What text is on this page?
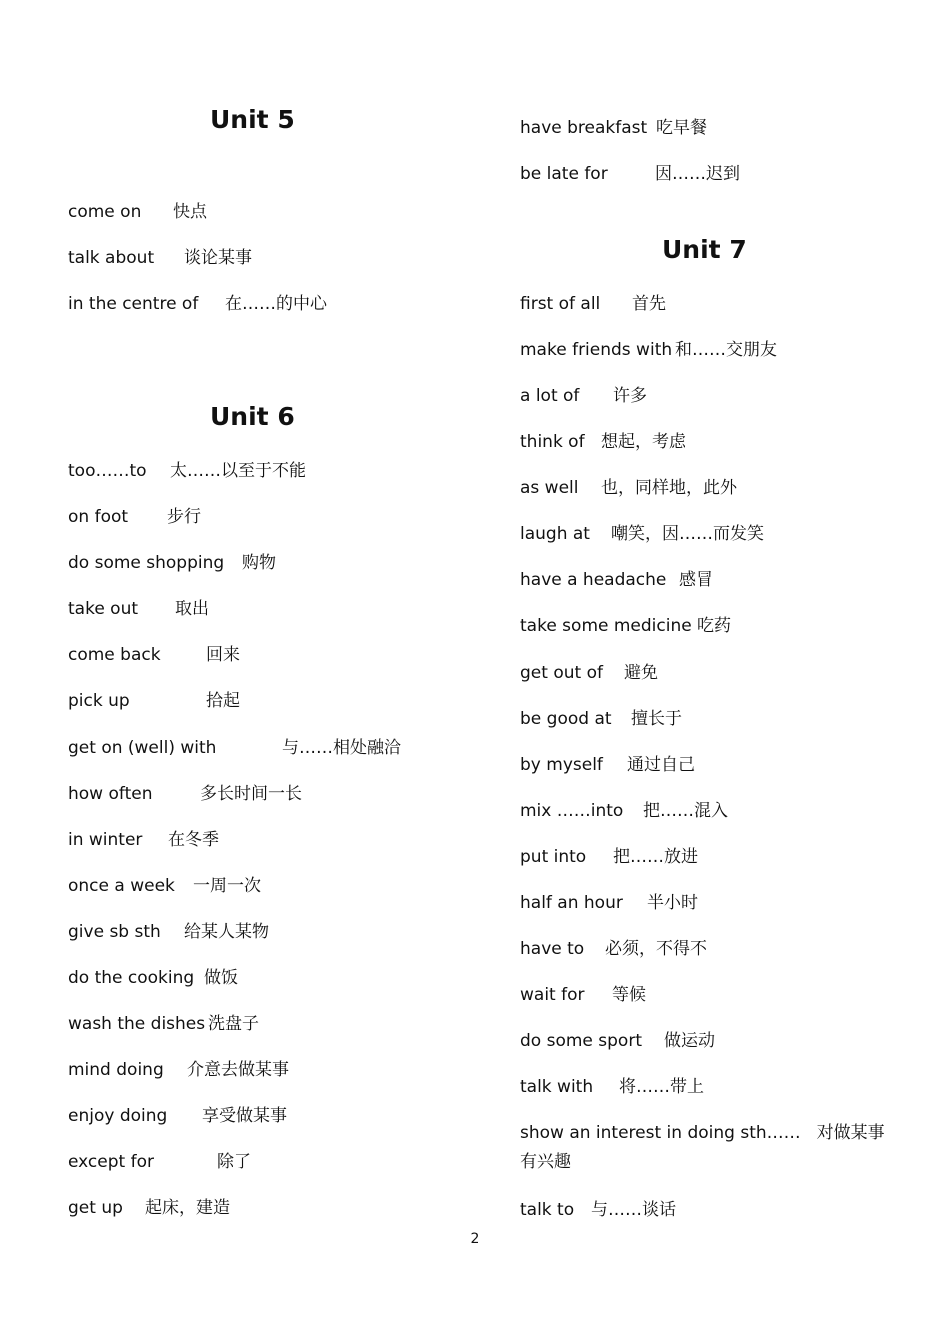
Unit 5
come on 快点
talk about 谈论某事
in the centre of 在……的中心
Unit 6
too……to 太……以至于不能
on foot 步行
do some shopping 购物
take out 取出
come back	回来
pick up	拾起
get on (well) with	与……相处融洽
how often	多长时间一长
in winter 在冬季
once a week 一周一次
give sb sth 给某人某物
do the cooking 做饭
wash the dishes 洗盘子
mind doing 介意去做某事
enjoy doing 享受做某事
except for	除了
get up 起床，建造
have breakfast 吃早餐
be late for	因……迟到
Unit 7
first of all 首先
make friends with 和……交朋友
a lot of 许多
think of 想起，考虑
as well 也，同样地，此外
laugh at 嘲笑，因……而发笑
have a headache 感冒
take some medicine 吃药
get out of 避免
be good at 擅长于
by myself 通过自己
mix ……into 把……混入
put into 把……放进
half an hour 半小时
have to 必须，不得不
wait for 等候
do some sport 做运动
talk with 将……带上
show an interest in doing sth…… 对做某事有兴趣
talk to 与……谈话
2
